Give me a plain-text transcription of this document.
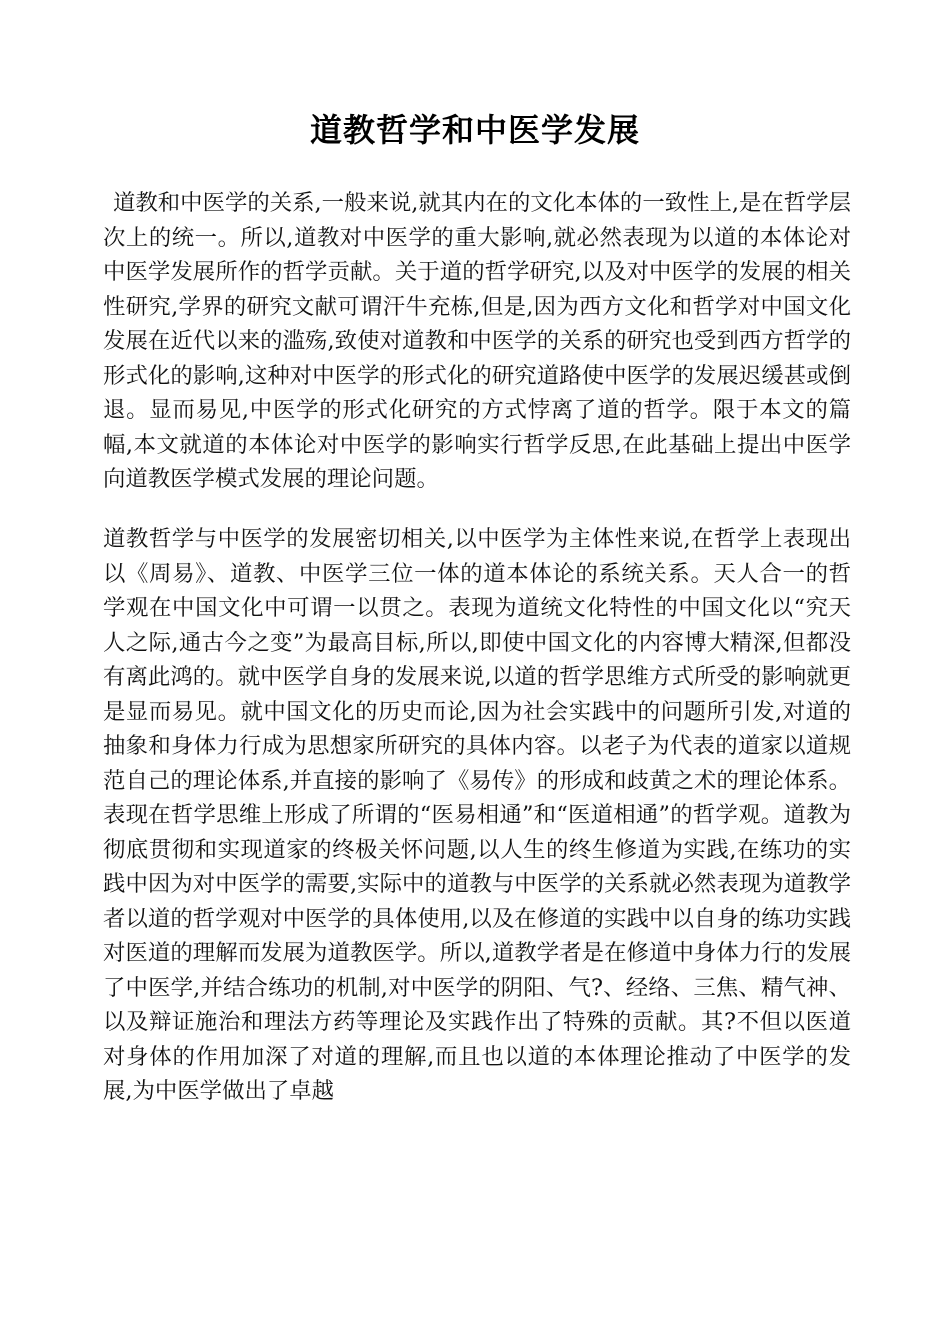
道教哲学和中医学发展

道教和中医学的关系,一般来说,就其内在的文化本体的一致性上,是在哲学层次上的统一。所以,道教对中医学的重大影响,就必然表现为以道的本体论对中医学发展所作的哲学贡献。关于道的哲学研究,以及对中医学的发展的相关性研究,学界的研究文献可谓汗牛充栋,但是,因为西方文化和哲学对中国文化发展在近代以来的滥殇,致使对道教和中医学的关系的研究也受到西方哲学的形式化的影响,这种对中医学的形式化的研究道路使中医学的发展迟缓甚或倒退。显而易见,中医学的形式化研究的方式悖离了道的哲学。限于本文的篇幅,本文就道的本体论对中医学的影响实行哲学反思,在此基础上提出中医学向道教医学模式发展的理论问题。

道教哲学与中医学的发展密切相关,以中医学为主体性来说,在哲学上表现出以《周易》、道教、中医学三位一体的道本体论的系统关系。天人合一的哲学观在中国文化中可谓一以贯之。表现为道统文化特性的中国文化以“究天人之际,通古今之变”为最高目标,所以,即使中国文化的内容博大精深,但都没有离此鸿的。就中医学自身的发展来说,以道的哲学思维方式所受的影响就更是显而易见。就中国文化的历史而论,因为社会实践中的问题所引发,对道的抽象和身体力行成为思想家所研究的具体内容。以老子为代表的道家以道规范自己的理论体系,并直接的影响了《易传》的形成和歧黄之术的理论体系。表现在哲学思维上形成了所谓的“医易相通”和“医道相通”的哲学观。道教为彻底贯彻和实现道家的终极关怀问题,以人生的终生修道为实践,在练功的实践中因为对中医学的需要,实际中的道教与中医学的关系就必然表现为道教学者以道的哲学观对中医学的具体使用,以及在修道的实践中以自身的练功实践对医道的理解而发展为道教医学。所以,道教学者是在修道中身体力行的发展了中医学,并结合练功的机制,对中医学的阴阳、气?、经络、三焦、精气神、以及辩证施治和理法方药等理论及实践作出了特殊的贡献。其?不但以医道对身体的作用加深了对道的理解,而且也以道的本体理论推动了中医学的发展,为中医学做出了卓越
